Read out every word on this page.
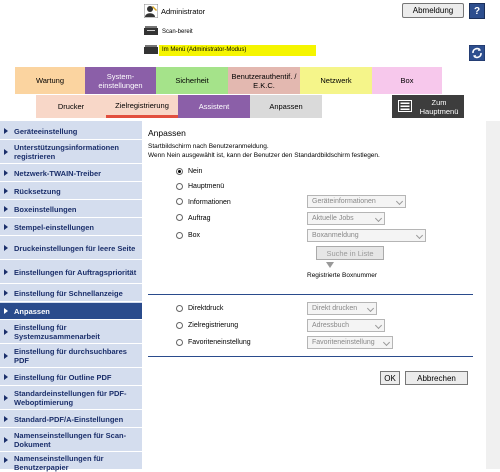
Administrator	Abmeldung	?
Scan-bereit
Im Menü (Administrator-Modus)
Wartung	System-
einstellungen	Sicherheit	Benutzerauthentif. /
E.K.C.	Netzwerk	Box
Drucker	Zielregistrierung	Assistent	Anpassen	Zum
Hauptmenü
Geräteeinstellung
Unterstützungsinformationen registrieren
Netzwerk-TWAIN-Treiber
Rücksetzung
Boxeinstellungen
Stempel-einstellungen
Druckeinstellungen für leere Seite
Einstellungen für Auftragspriorität
Einstellung für Schnellanzeige
Anpassen
Einstellung für Systemzusammenarbeit
Einstellung für durchsuchbares PDF
Einstellung für Outline PDF
Standardeinstellungen für PDF-Weboptimierung
Standard-PDF/A-Einstellungen
Namenseinstellungen für Scan-Dokument
Namenseinstellungen für Benutzerpapier
Anpassen
Startbildschirm nach Benutzeranmeldung.
Wenn Nein ausgewählt ist, kann der Benutzer den Standardbildschirm festlegen.
Nein
Hauptmenü
Informationen	Geräteinformationen
Auftrag	Aktuelle Jobs
Box	Boxanmeldung
Suche in Liste
Registrierte Boxnummer
Direktdruck	Direkt drucken
Zielregistrierung	Adressbuch
Favoriteneinstellung	Favoriteneinstellung
OK	Abbrechen
